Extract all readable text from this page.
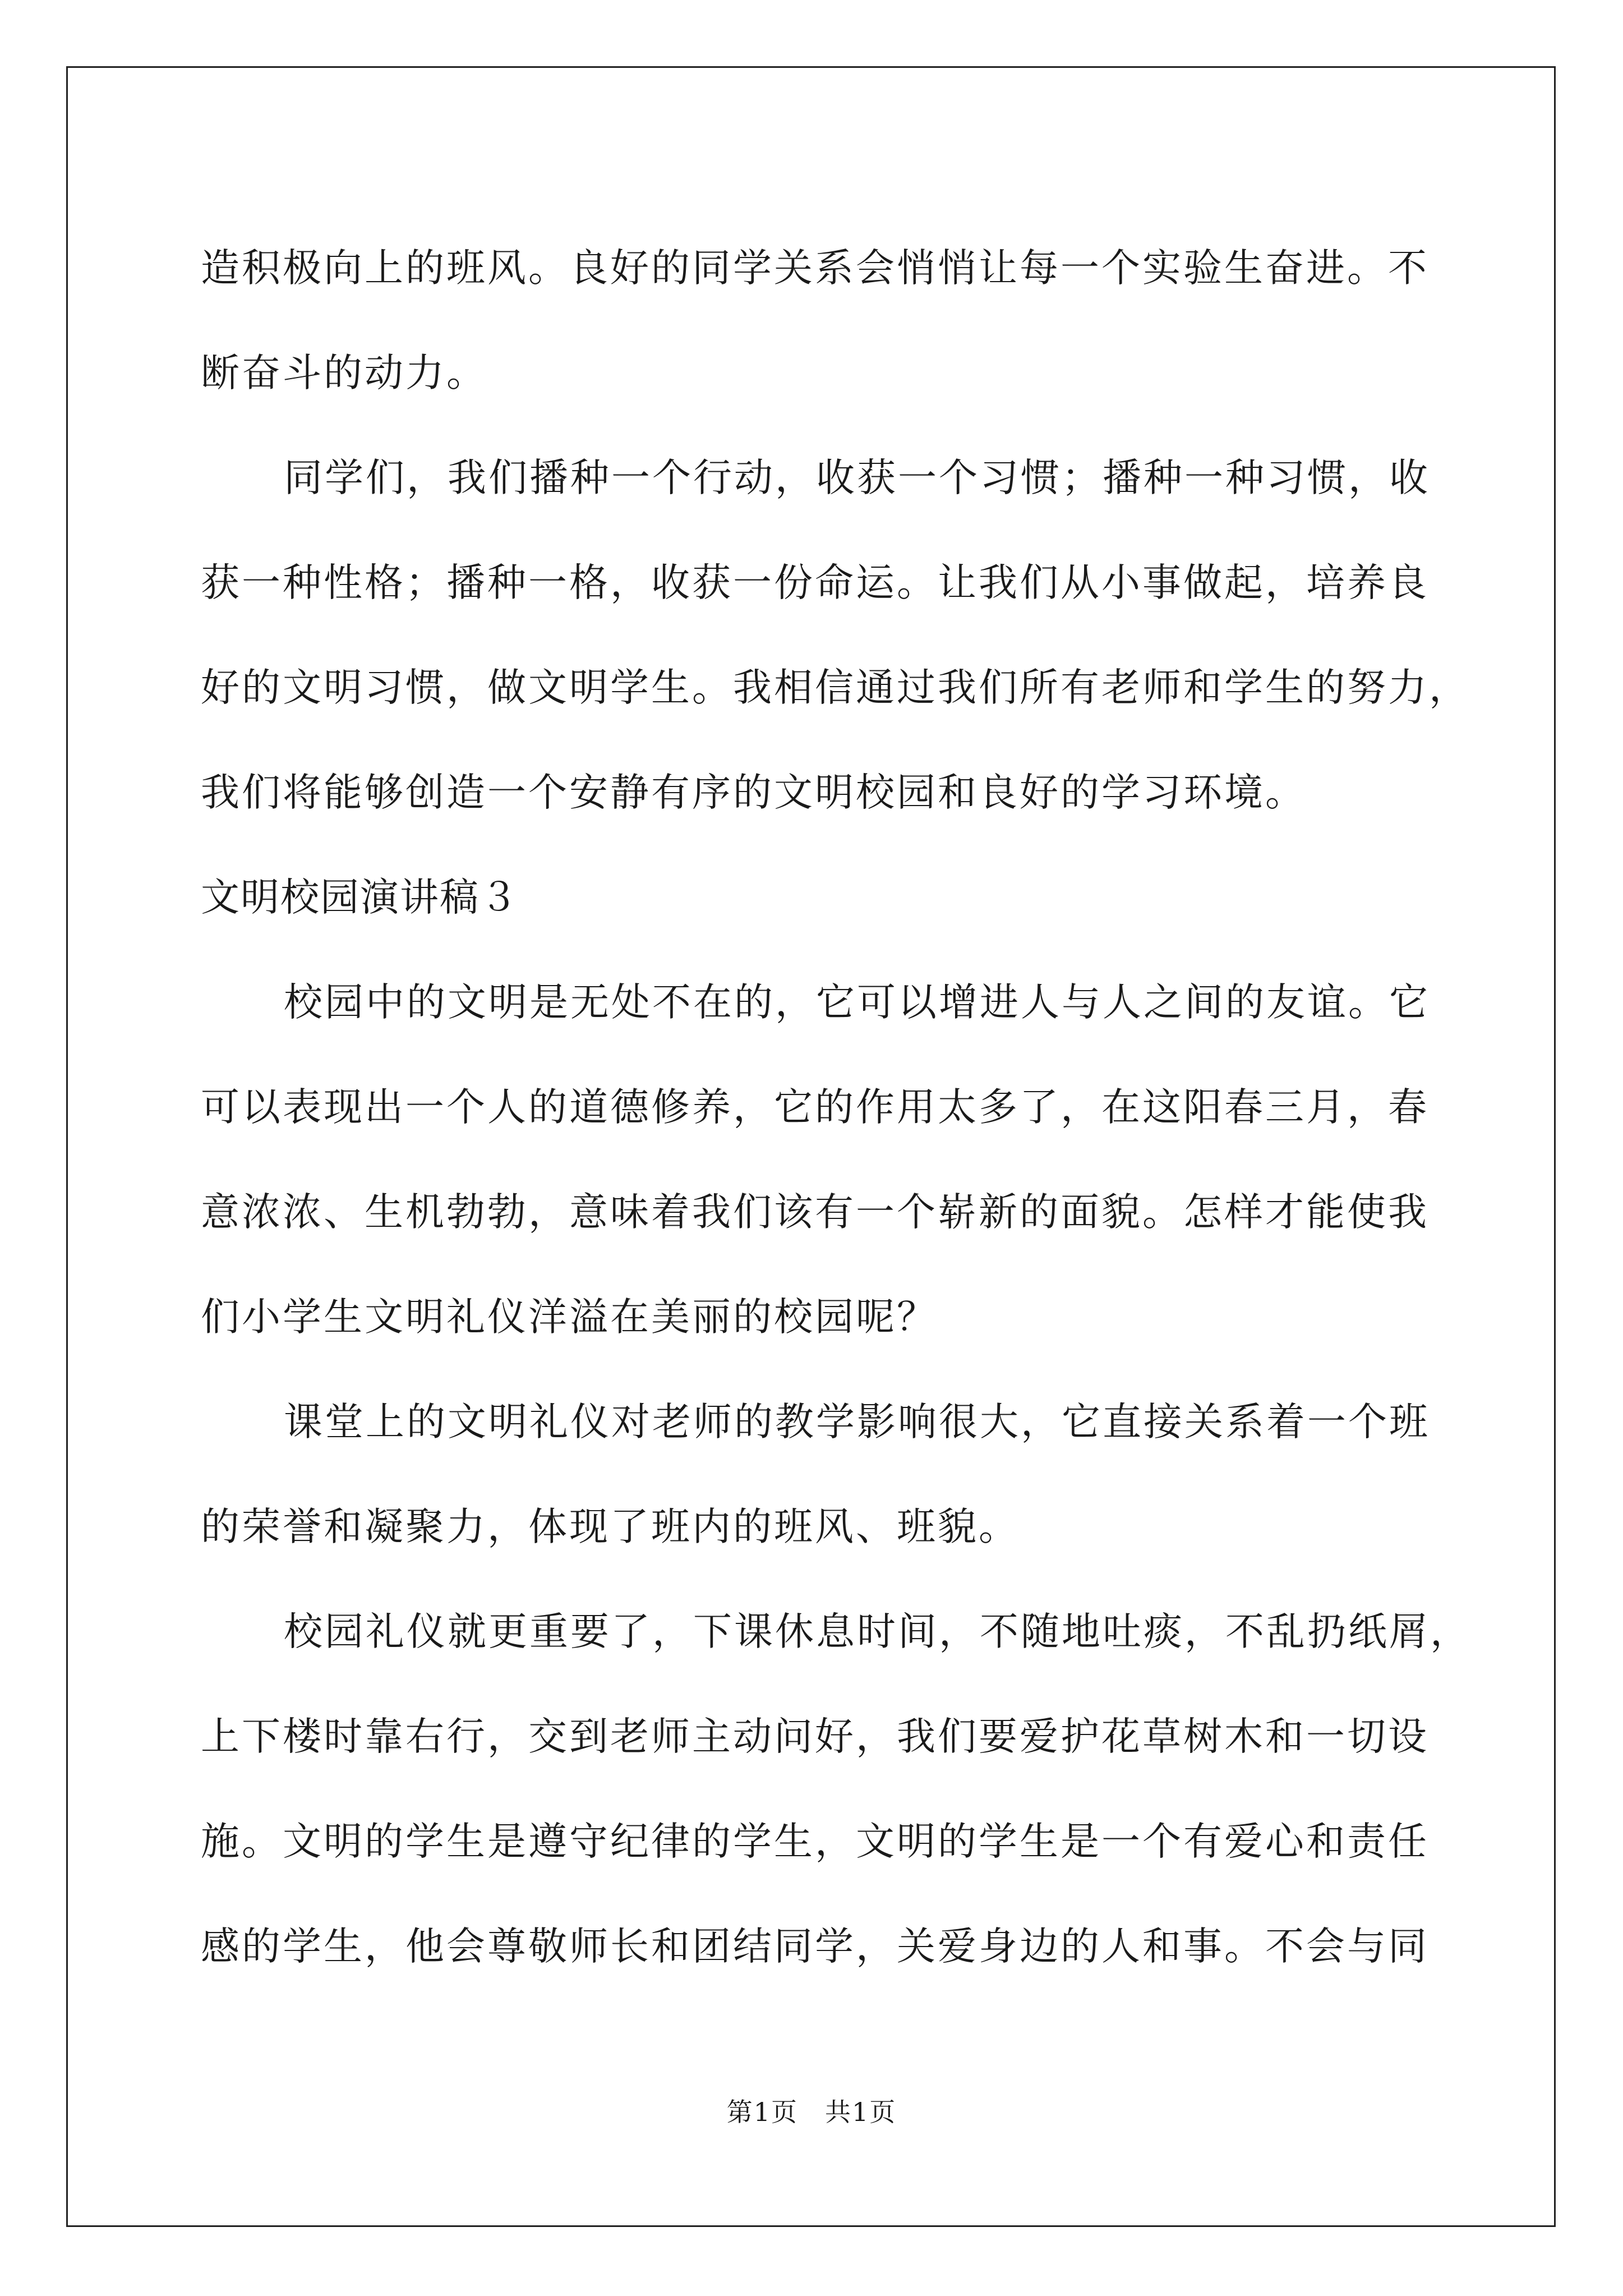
造积极向上的班风。良好的同学关系会悄悄让每一个实验生奋进。不
断奋斗的动力。
同学们，我们播种一个行动，收获一个习惯；播种一种习惯，收
获一种性格；播种一格，收获一份命运。让我们从小事做起，培养良
好的文明习惯，做文明学生。我相信通过我们所有老师和学生的努力，
我们将能够创造一个安静有序的文明校园和良好的学习环境。
文明校园演讲稿３
校园中的文明是无处不在的，它可以增进人与人之间的友谊。它
可以表现出一个人的道德修养，它的作用太多了，在这阳春三月，春
意浓浓、生机勃勃，意味着我们该有一个崭新的面貌。怎样才能使我
们小学生文明礼仪洋溢在美丽的校园呢？
课堂上的文明礼仪对老师的教学影响很大，它直接关系着一个班
的荣誉和凝聚力，体现了班内的班风、班貌。
校园礼仪就更重要了，下课休息时间，不随地吐痰，不乱扔纸屑，
上下楼时靠右行，交到老师主动问好，我们要爱护花草树木和一切设
施。文明的学生是遵守纪律的学生，文明的学生是一个有爱心和责任
感的学生，他会尊敬师长和团结同学，关爱身边的人和事。不会与同
第1页　共1页
